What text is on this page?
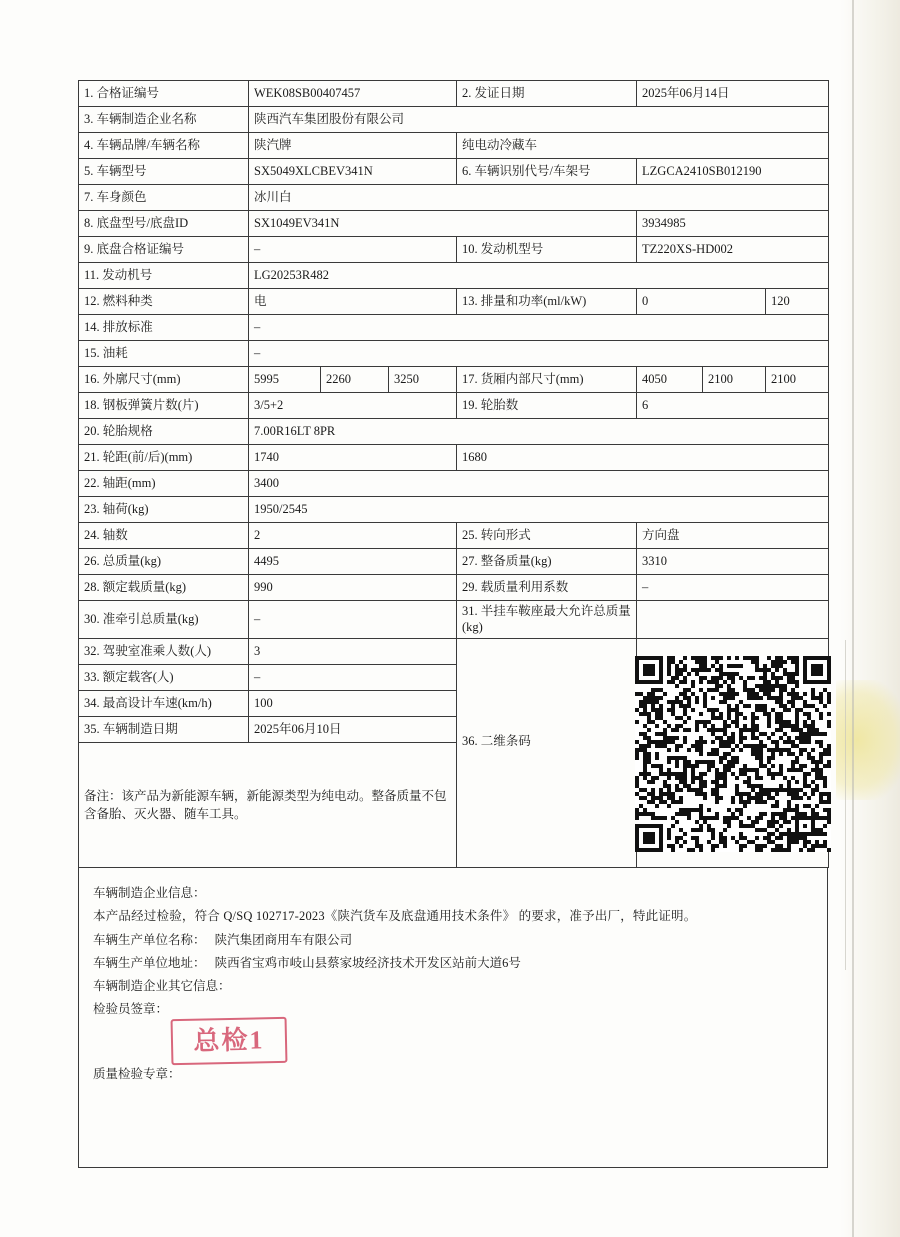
1. 合格证编号	WEK08SB00407457			2. 发证日期	2025年06月14日		
3. 车辆制造企业名称	陕西汽车集团股份有限公司						
4. 车辆品牌/车辆名称	陕汽牌			纯电动冷藏车			
5. 车辆型号	SX5049XLCBEV341N			6. 车辆识别代号/车架号	LZGCA2410SB012190		
7. 车身颜色	冰川白						
8. 底盘型号/底盘ID	SX1049EV341N				3934985		
9. 底盘合格证编号	–			10. 发动机型号	TZ220XS-HD002		
11. 发动机号	LG20253R482						
12. 燃料种类	电			13. 排量和功率(ml/kW)	0		120
14. 排放标准	–						
15. 油耗	–						
16. 外廓尺寸(mm)	5995	2260	3250	17. 货厢内部尺寸(mm)	4050	2100	2100
18. 钢板弹簧片数(片)	3/5+2			19. 轮胎数	6		
20. 轮胎规格	7.00R16LT 8PR						
21. 轮距(前/后)(mm)	1740			1680			
22. 轴距(mm)	3400						
23. 轴荷(kg)	1950/2545						
24. 轴数	2			25. 转向形式	方向盘		
26. 总质量(kg)	4495			27. 整备质量(kg)	3310		
28. 额定载质量(kg)	990			29. 载质量利用系数	–		
30. 准牵引总质量(kg)	–			31. 半挂车鞍座最大允许总质量(kg)			
32. 驾驶室准乘人数(人)	3			36. 二维条码

33. 额定载客(人)	–						
34. 最高设计车速(km/h)	100						
35. 车辆制造日期	2025年06月10日						
备注：该产品为新能源车辆，新能源类型为纯电动。整备质量不包含备胎、灭火器、随车工具。							
车辆制造企业信息：
本产品经过检验，符合 Q/SQ 102717-2023《陕汽货车及底盘通用技术条件》 的要求，准予出厂，特此证明。
车辆生产单位名称： 陕汽集团商用车有限公司
车辆生产单位地址： 陕西省宝鸡市岐山县蔡家坡经济技术开发区站前大道6号
车辆制造企业其它信息：
检验员签章：
总检1
质量检验专章：
